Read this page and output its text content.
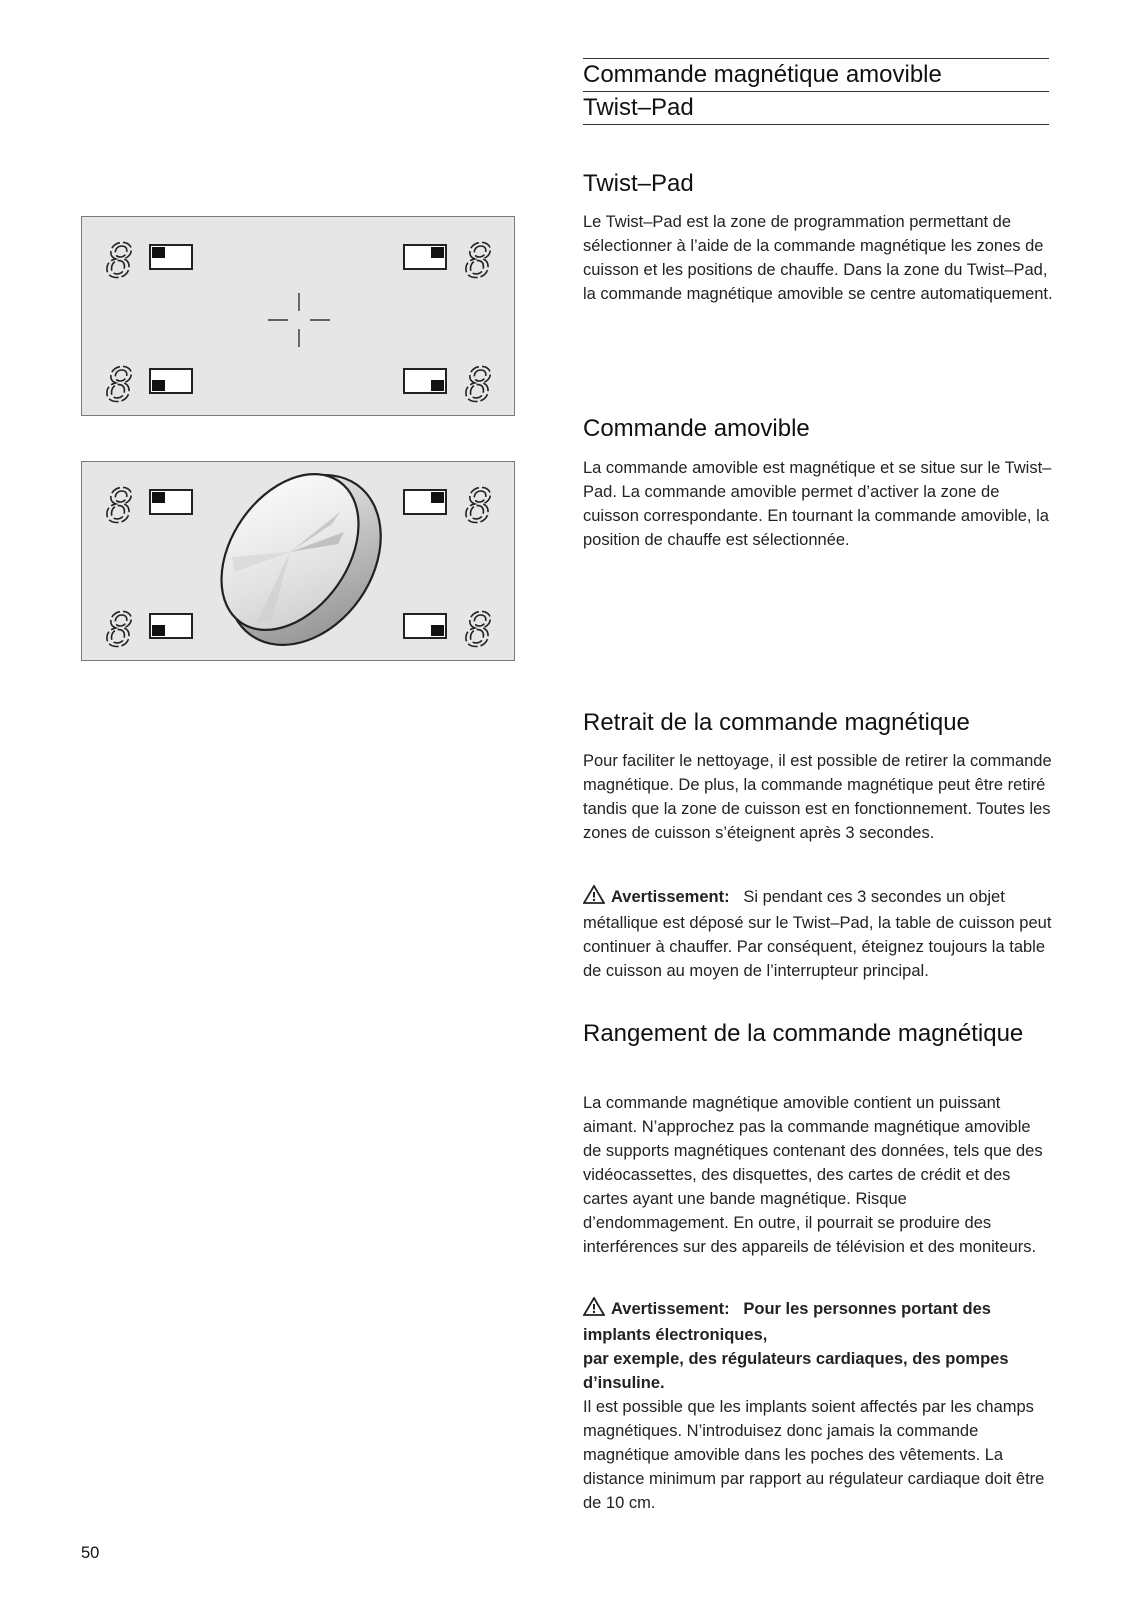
Commande magnétique amovible
Twist–Pad
8	8
8	8
8	8
8	8
Twist–Pad

Le Twist–Pad est la zone de programmation permettant de sélectionner à l’aide de la commande magnétique les zones de cuisson et les positions de chauffe. Dans la zone du Twist–Pad, la commande magnétique amovible se centre automatiquement.

Commande amovible

La commande amovible est magnétique et se situe sur le Twist–Pad. La commande amovible permet d’activer la zone de cuisson correspondante. En tournant la commande amovible, la position de chauffe est sélectionnée.

Retrait de la commande magnétique

Pour faciliter le nettoyage, il est possible de retirer la commande magnétique. De plus, la commande magnétique peut être retiré tandis que la zone de cuisson est en fonctionnement. Toutes les zones de cuisson s’éteignent après 3 secondes.

Avertissement: Si pendant ces 3 secondes un objet métallique est déposé sur le Twist–Pad, la table de cuisson peut continuer à chauffer. Par conséquent, éteignez toujours la table de cuisson au moyen de l’interrupteur principal.

Rangement de la commande magnétique

La commande magnétique amovible contient un puissant aimant. N’approchez pas la commande magnétique amovible de supports magnétiques contenant des données, tels que des vidéocassettes, des disquettes, des cartes de crédit et des cartes ayant une bande magnétique. Risque d’endommagement. En outre, il pourrait se produire des interférences sur des appareils de télévision et des moniteurs.

Avertissement: Pour les personnes portant des implants électroniques,
par exemple, des régulateurs cardiaques, des pompes d’insuline.
Il est possible que les implants soient affectés par les champs magnétiques. N’introduisez donc jamais la commande magnétique amovible dans les poches des vêtements. La distance minimum par rapport au régulateur cardiaque doit être de 10 cm.
50
